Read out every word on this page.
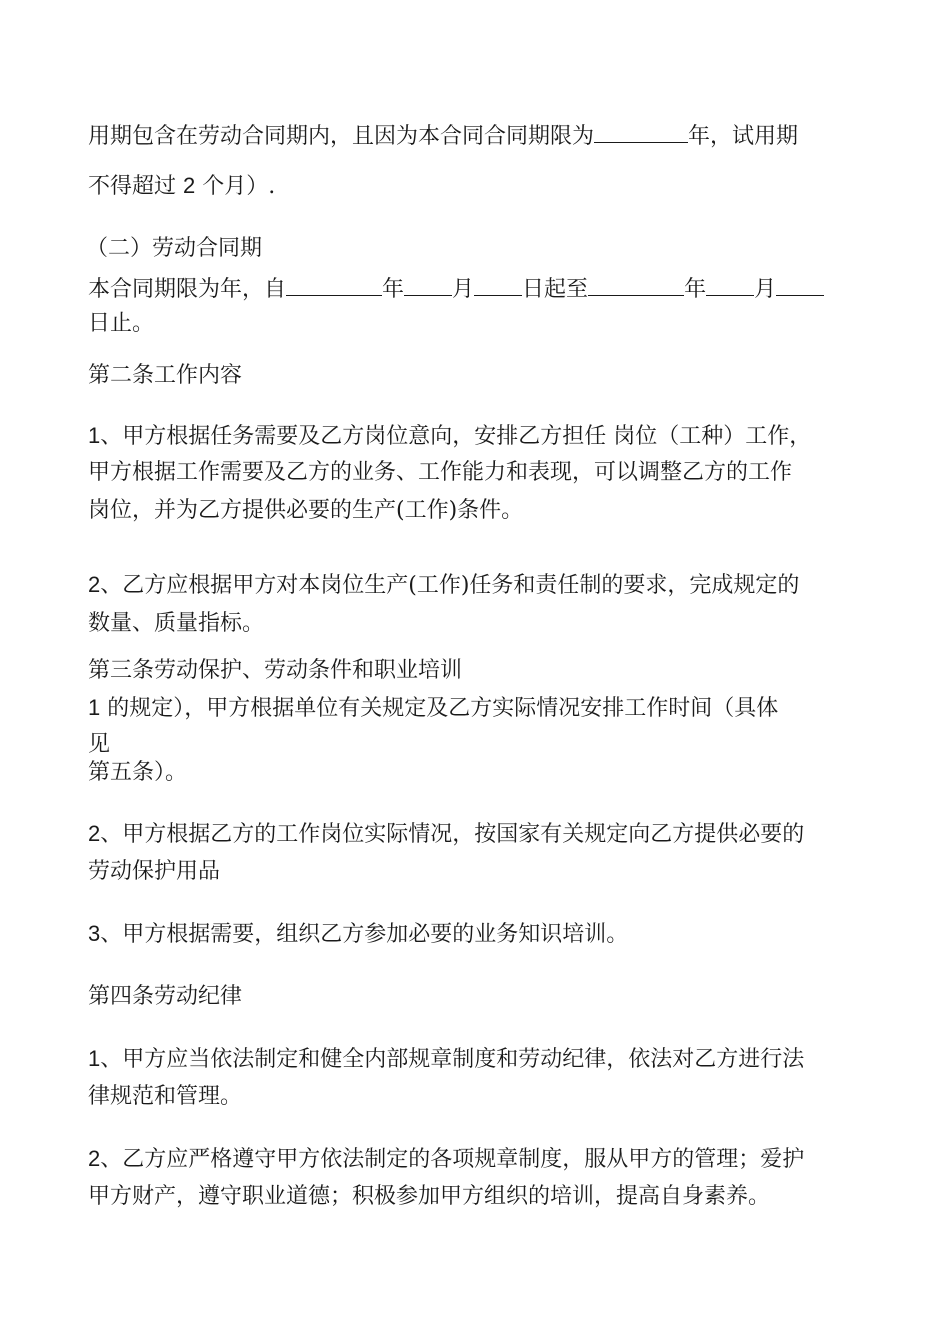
用期包含在劳动合同期内，且因为本合同合同期限为	年，试用期
不得超过 2 个月）.
（二）劳动合同期
本合同期限为年，自	年 月 日起至	年 月
日止。
第二条工作内容
1、甲方根据任务需要及乙方岗位意向，安排乙方担任 岗位（工种）工作，
甲方根据工作需要及乙方的业务、工作能力和表现，可以调整乙方的工作
岗位，并为乙方提供必要的生产(工作)条件。
2、乙方应根据甲方对本岗位生产(工作)任务和责任制的要求，完成规定的
数量、质量指标。
第三条劳动保护、劳动条件和职业培训
1 的规定），甲方根据单位有关规定及乙方实际情况安排工作时间（具体
见
第五条）。
2、甲方根据乙方的工作岗位实际情况，按国家有关规定向乙方提供必要的
劳动保护用品
3、甲方根据需要，组织乙方参加必要的业务知识培训。
第四条劳动纪律
1、甲方应当依法制定和健全内部规章制度和劳动纪律，依法对乙方进行法
律规范和管理。
2、乙方应严格遵守甲方依法制定的各项规章制度，服从甲方的管理；爱护
甲方财产，遵守职业道德；积极参加甲方组织的培训，提高自身素养。
